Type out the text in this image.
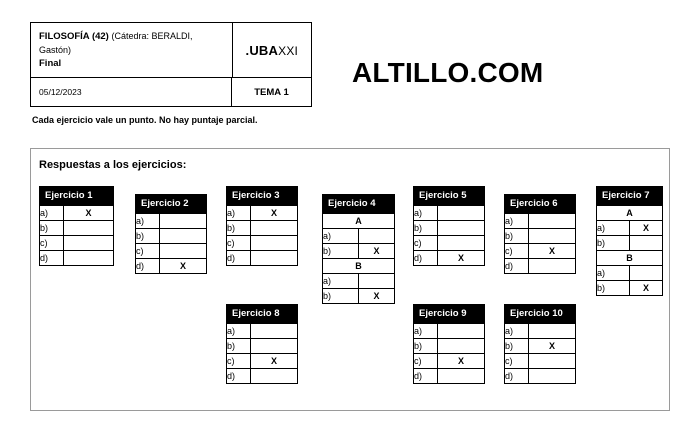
FILOSOFÍA (42) (Cátedra: BERALDI, Gastón)
Final
.UBAXXI
05/12/2023	TEMA 1
ALTILLO.COM
Cada ejercicio vale un punto. No hay puntaje parcial.
Respuestas a los ejercicios:
Ejercicio 1
a)	X
b)	
c)	
d)	
Ejercicio 2
a)	
b)	
c)	
d)	X
Ejercicio 3
a)	X
b)	
c)	
d)	
Ejercicio 4
A	
a)	
b)	X
B	
a)	
b)	X
Ejercicio 5
a)	
b)	
c)	
d)	X
Ejercicio 6
a)	
b)	
c)	X
d)	
Ejercicio 7
A	
a)	X
b)	
B	
a)	
b)	X
Ejercicio 8
a)	
b)	
c)	X
d)	
Ejercicio 9
a)	
b)	
c)	X
d)	
Ejercicio 10
a)	
b)	X
c)	
d)	
